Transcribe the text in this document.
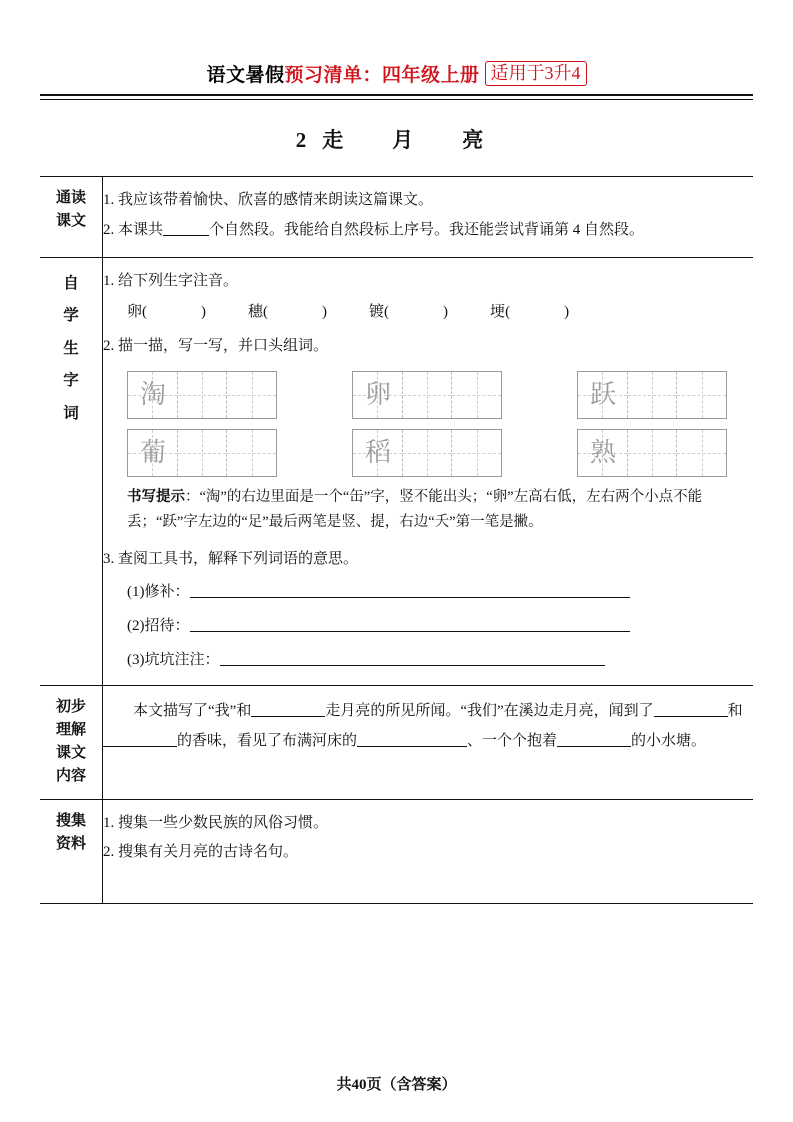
语文暑假预习清单：四年级上册 适用于3升4
2 走　月　亮
通读
课文

1. 我应该带着愉快、欣喜的感情来朗读这篇课文。
2. 本课共	个自然段。我能给自然段标上序号。我还能尝试背诵第 4 自然段。

自
学
生
字
词

1. 给下列生字注音。
卵(	)	穗(	)	镀(	)	埂(	)
2. 描一描，写一写，并口头组词。
淘	卵	跃
葡	稻	熟
书写提示：“淘”的右边里面是一个“缶”字，竖不能出头；“卵”左高右低，左右两个小点不能丢；“跃”字左边的“足”最后两笔是竖、提，右边“夭”第一笔是撇。
3. 查阅工具书，解释下列词语的意思。
(1)修补：
(2)招待：
(3)坑坑注注：

初步
理解
课文
内容	本文描写了“我”和 走月亮的所见所闻。“我们”在溪边走月亮，闻到了 和的香味，看见了布满河床的 、一个个抱着 的小水塘。

搜集
资料

1. 搜集一些少数民族的风俗习惯。
2. 搜集有关月亮的古诗名句。
共40页（含答案）
